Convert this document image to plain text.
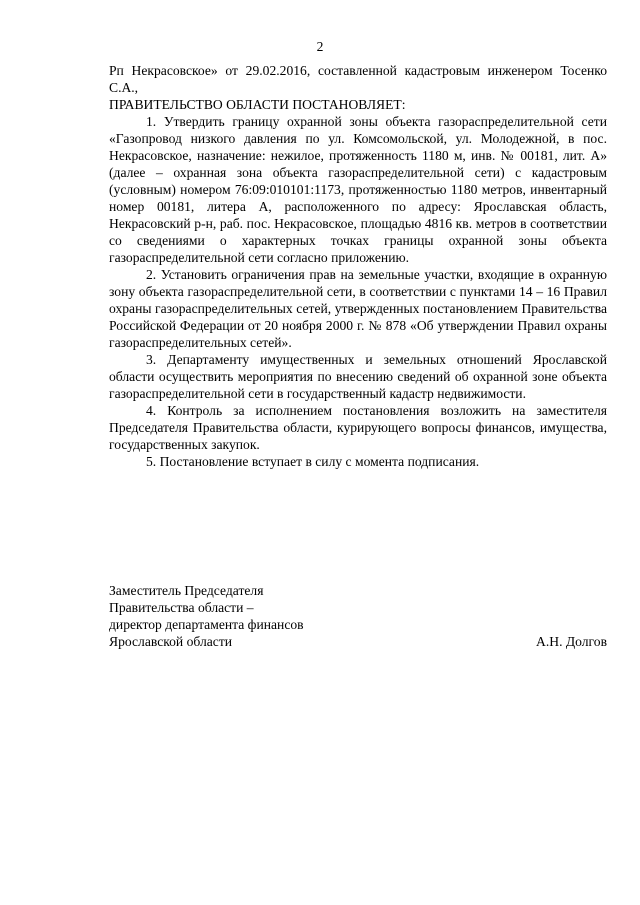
2

Рп Некрасовское» от 29.02.2016, составленной кадастровым инженером Тосенко С.А.,

ПРАВИТЕЛЬСТВО ОБЛАСТИ ПОСТАНОВЛЯЕТ:

1. Утвердить границу охранной зоны объекта газораспределительной сети «Газопровод низкого давления по ул. Комсомольской, ул. Молодежной, в пос. Некрасовское, назначение: нежилое, протяженность 1180 м, инв. № 00181, лит. А» (далее – охранная зона объекта газораспределительной сети) с кадастровым (условным) номером 76:09:010101:1173, протяженностью 1180 метров, инвентарный номер 00181, литера А, расположенного по адресу: Ярославская область, Некрасовский р-н, раб. пос. Некрасовское, площадью 4816 кв. метров в соответствии со сведениями о характерных точках границы охранной зоны объекта газораспределительной сети согласно приложению.

2. Установить ограничения прав на земельные участки, входящие в охранную зону объекта газораспределительной сети, в соответствии с пунктами 14 – 16 Правил охраны газораспределительных сетей, утвержденных постановлением Правительства Российской Федерации от 20 ноября 2000 г. № 878 «Об утверждении Правил охраны газораспределительных сетей».

3. Департаменту имущественных и земельных отношений Ярославской области осуществить мероприятия по внесению сведений об охранной зоне объекта газораспределительной сети в государственный кадастр недвижимости.

4. Контроль за исполнением постановления возложить на заместителя Председателя Правительства области, курирующего вопросы финансов, имущества, государственных закупок.

5. Постановление вступает в силу с момента подписания.

Заместитель Председателя

Правительства области –

директор департамента финансов

Ярославской области	А.Н. Долгов
